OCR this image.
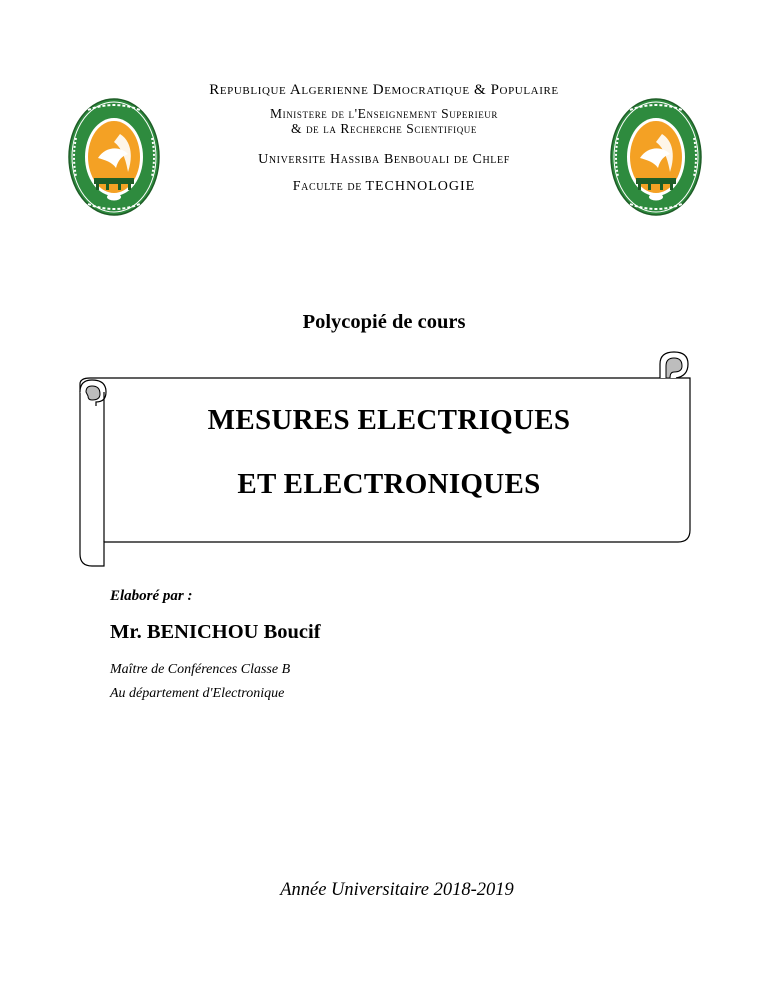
Republique Algerienne Democratique & Populaire
Ministere de l'Enseignement Superieur
& de la Recherche Scientifique
Universite Hassiba Benbouali de Chlef
Faculte de TECHNOLOGIE
Polycopié de cours
MESURES ELECTRIQUES
ET ELECTRONIQUES
Elaboré par :
Mr. BENICHOU Boucif
Maître de Conférences Classe B
Au département d'Electronique
Année Universitaire 2018-2019
